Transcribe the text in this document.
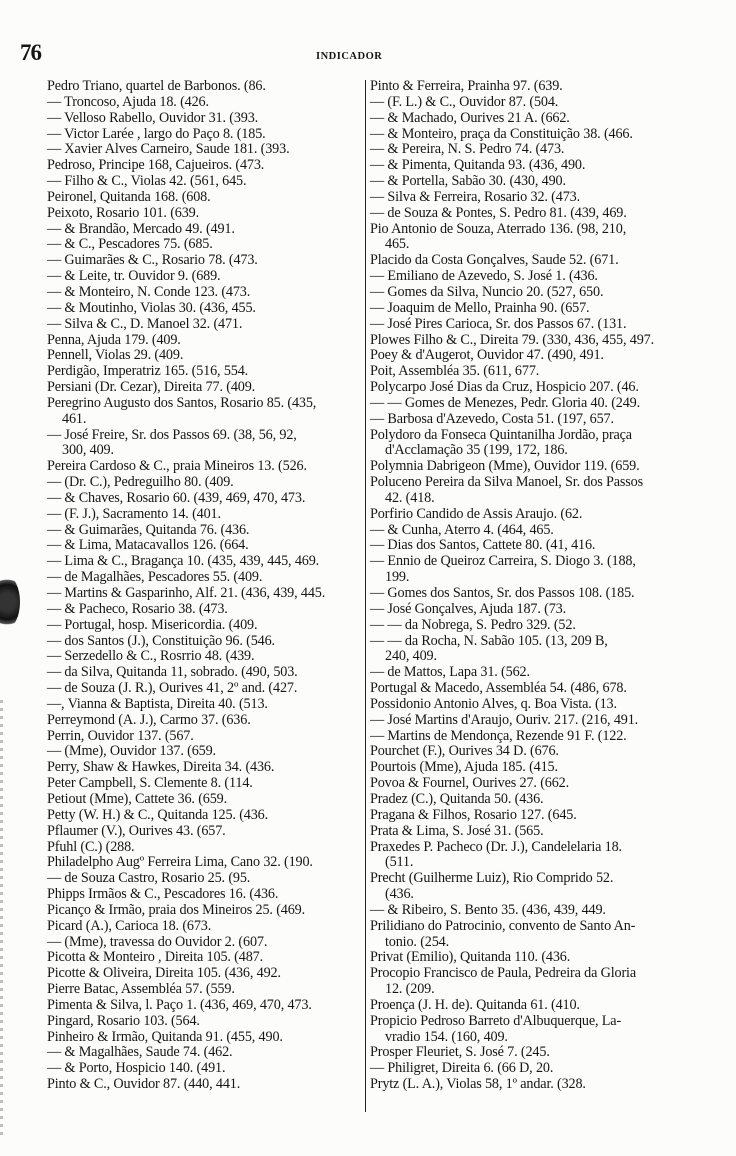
76	INDICADOR
Pedro Triano, quartel de Barbonos. (86.
— Troncoso, Ajuda 18. (426.
— Velloso Rabello, Ouvidor 31. (393.
— Victor Larée , largo do Paço 8. (185.
— Xavier Alves Carneiro, Saude 181. (393.
Pedroso, Principe 168, Cajueiros. (473.
— Filho & C., Violas 42. (561, 645.
Peironel, Quitanda 168. (608.
Peixoto, Rosario 101. (639.
— & Brandão, Mercado 49. (491.
— & C., Pescadores 75. (685.
— Guimarães & C., Rosario 78. (473.
— & Leite, tr. Ouvidor 9. (689.
— & Monteiro, N. Conde 123. (473.
— & Moutinho, Violas 30. (436, 455.
— Silva & C., D. Manoel 32. (471.
Penna, Ajuda 179. (409.
Pennell, Violas 29. (409.
Perdigão, Imperatriz 165. (516, 554.
Persiani (Dr. Cezar), Direita 77. (409.
Peregrino Augusto dos Santos, Rosario 85. (435,
461.
— José Freire, Sr. dos Passos 69. (38, 56, 92,
300, 409.
Pereira Cardoso & C., praia Mineiros 13. (526.
— (Dr. C.), Pedreguilho 80. (409.
— & Chaves, Rosario 60. (439, 469, 470, 473.
— (F. J.), Sacramento 14. (401.
— & Guimarães, Quitanda 76. (436.
— & Lima, Matacavallos 126. (664.
— Lima & C., Bragança 10. (435, 439, 445, 469.
— de Magalhães, Pescadores 55. (409.
— Martins & Gasparinho, Alf. 21. (436, 439, 445.
— & Pacheco, Rosario 38. (473.
— Portugal, hosp. Misericordia. (409.
— dos Santos (J.), Constituição 96. (546.
— Serzedello & C., Rosrrio 48. (439.
— da Silva, Quitanda 11, sobrado. (490, 503.
— de Souza (J. R.), Ourives 41, 2º and. (427.
—, Vianna & Baptista, Direita 40. (513.
Perreymond (A. J.), Carmo 37. (636.
Perrin, Ouvidor 137. (567.
— (Mme), Ouvidor 137. (659.
Perry, Shaw & Hawkes, Direita 34. (436.
Peter Campbell, S. Clemente 8. (114.
Petiout (Mme), Cattete 36. (659.
Petty (W. H.) & C., Quitanda 125. (436.
Pflaumer (V.), Ourives 43. (657.
Pfuhl (C.) (288.
Philadelpho Augº Ferreira Lima, Cano 32. (190.
— de Souza Castro, Rosario 25. (95.
Phipps Irmãos & C., Pescadores 16. (436.
Picanço & Irmão, praia dos Mineiros 25. (469.
Picard (A.), Carioca 18. (673.
— (Mme), travessa do Ouvidor 2. (607.
Picotta & Monteiro , Direita 105. (487.
Picotte & Oliveira, Direita 105. (436, 492.
Pierre Batac, Assembléa 57. (559.
Pimenta & Silva, l. Paço 1. (436, 469, 470, 473.
Pingard, Rosario 103. (564.
Pinheiro & Irmão, Quitanda 91. (455, 490.
— & Magalhães, Saude 74. (462.
— & Porto, Hospicio 140. (491.
Pinto & C., Ouvidor 87. (440, 441.
Pinto & Ferreira, Prainha 97. (639.
— (F. L.) & C., Ouvidor 87. (504.
— & Machado, Ourives 21 A. (662.
— & Monteiro, praça da Constituição 38. (466.
— & Pereira, N. S. Pedro 74. (473.
— & Pimenta, Quitanda 93. (436, 490.
— & Portella, Sabão 30. (430, 490.
— Silva & Ferreira, Rosario 32. (473.
— de Souza & Pontes, S. Pedro 81. (439, 469.
Pio Antonio de Souza, Aterrado 136. (98, 210,
465.
Placido da Costa Gonçalves, Saude 52. (671.
— Emiliano de Azevedo, S. José 1. (436.
— Gomes da Silva, Nuncio 20. (527, 650.
— Joaquim de Mello, Prainha 90. (657.
— José Pires Carioca, Sr. dos Passos 67. (131.
Plowes Filho & C., Direita 79. (330, 436, 455, 497.
Poey & d'Augerot, Ouvidor 47. (490, 491.
Poit, Assembléa 35. (611, 677.
Polycarpo José Dias da Cruz, Hospicio 207. (46.
— — Gomes de Menezes, Pedr. Gloria 40. (249.
— Barbosa d'Azevedo, Costa 51. (197, 657.
Polydoro da Fonseca Quintanilha Jordão, praça
d'Acclamação 35 (199, 172, 186.
Polymnia Dabrigeon (Mme), Ouvidor 119. (659.
Poluceno Pereira da Silva Manoel, Sr. dos Passos
42. (418.
Porfirio Candido de Assis Araujo. (62.
— & Cunha, Aterro 4. (464, 465.
— Dias dos Santos, Cattete 80. (41, 416.
— Ennio de Queiroz Carreira, S. Diogo 3. (188,
199.
— Gomes dos Santos, Sr. dos Passos 108. (185.
— José Gonçalves, Ajuda 187. (73.
— — da Nobrega, S. Pedro 329. (52.
— — da Rocha, N. Sabão 105. (13, 209 B,
240, 409.
— de Mattos, Lapa 31. (562.
Portugal & Macedo, Assembléa 54. (486, 678.
Possidonio Antonio Alves, q. Boa Vista. (13.
— José Martins d'Araujo, Ouriv. 217. (216, 491.
— Martins de Mendonça, Rezende 91 F. (122.
Pourchet (F.), Ourives 34 D. (676.
Pourtois (Mme), Ajuda 185. (415.
Povoa & Fournel, Ourives 27. (662.
Pradez (C.), Quitanda 50. (436.
Pragana & Filhos, Rosario 127. (645.
Prata & Lima, S. José 31. (565.
Praxedes P. Pacheco (Dr. J.), Candelelaria 18.
(511.
Precht (Guilherme Luiz), Rio Comprido 52.
(436.
— & Ribeiro, S. Bento 35. (436, 439, 449.
Prilidiano do Patrocinio, convento de Santo An-
tonio. (254.
Privat (Emilio), Quitanda 110. (436.
Procopio Francisco de Paula, Pedreira da Gloria
12. (209.
Proença (J. H. de). Quitanda 61. (410.
Propicio Pedroso Barreto d'Albuquerque, La-
vradio 154. (160, 409.
Prosper Fleuriet, S. José 7. (245.
— Philigret, Direita 6. (66 D, 20.
Prytz (L. A.), Violas 58, 1º andar. (328.
